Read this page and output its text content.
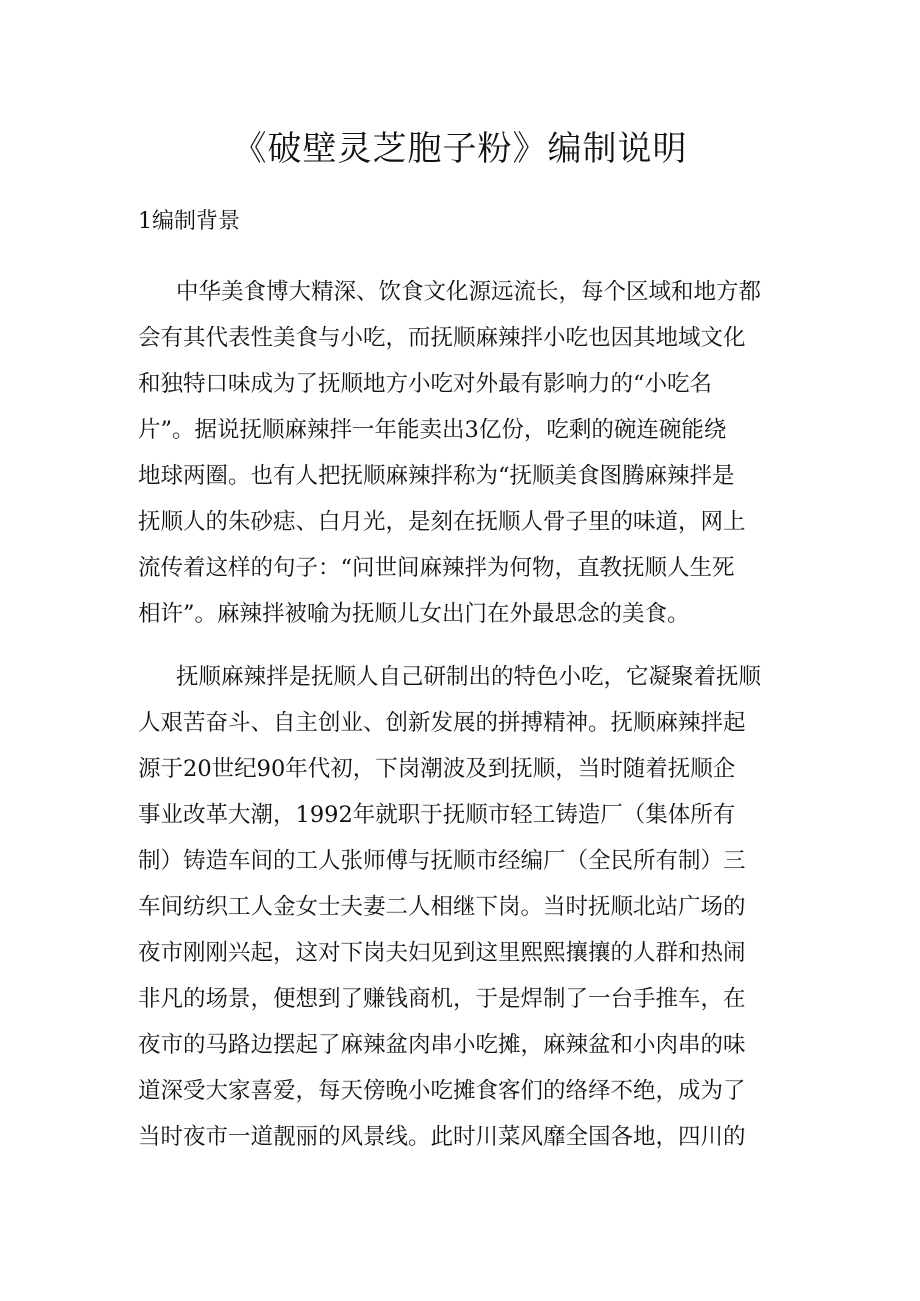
《破壁灵芝胞子粉》编制说明
1编制背景
中华美食博大精深、饮食文化源远流长，每个区域和地方都
会有其代表性美食与小吃，而抚顺麻辣拌小吃也因其地域文化
和独特口味成为了抚顺地方小吃对外最有影响力的“小吃名
片”。据说抚顺麻辣拌一年能卖出3亿份，吃剩的碗连碗能绕
地球两圈。也有人把抚顺麻辣拌称为“抚顺美食图腾麻辣拌是
抚顺人的朱砂痣、白月光，是刻在抚顺人骨子里的味道，网上
流传着这样的句子：“问世间麻辣拌为何物，直教抚顺人生死
相许”。麻辣拌被喻为抚顺儿女出门在外最思念的美食。
抚顺麻辣拌是抚顺人自己研制出的特色小吃，它凝聚着抚顺
人艰苦奋斗、自主创业、创新发展的拼搏精神。抚顺麻辣拌起
源于20世纪90年代初，下岗潮波及到抚顺，当时随着抚顺企
事业改革大潮，1992年就职于抚顺市轻工铸造厂（集体所有
制）铸造车间的工人张师傅与抚顺市经编厂（全民所有制）三
车间纺织工人金女士夫妻二人相继下岗。当时抚顺北站广场的
夜市刚刚兴起，这对下岗夫妇见到这里熙熙攘攘的人群和热闹
非凡的场景，便想到了赚钱商机，于是焊制了一台手推车，在
夜市的马路边摆起了麻辣盆肉串小吃摊，麻辣盆和小肉串的味
道深受大家喜爱，每天傍晚小吃摊食客们的络绎不绝，成为了
当时夜市一道靓丽的风景线。此时川菜风靡全国各地，四川的
